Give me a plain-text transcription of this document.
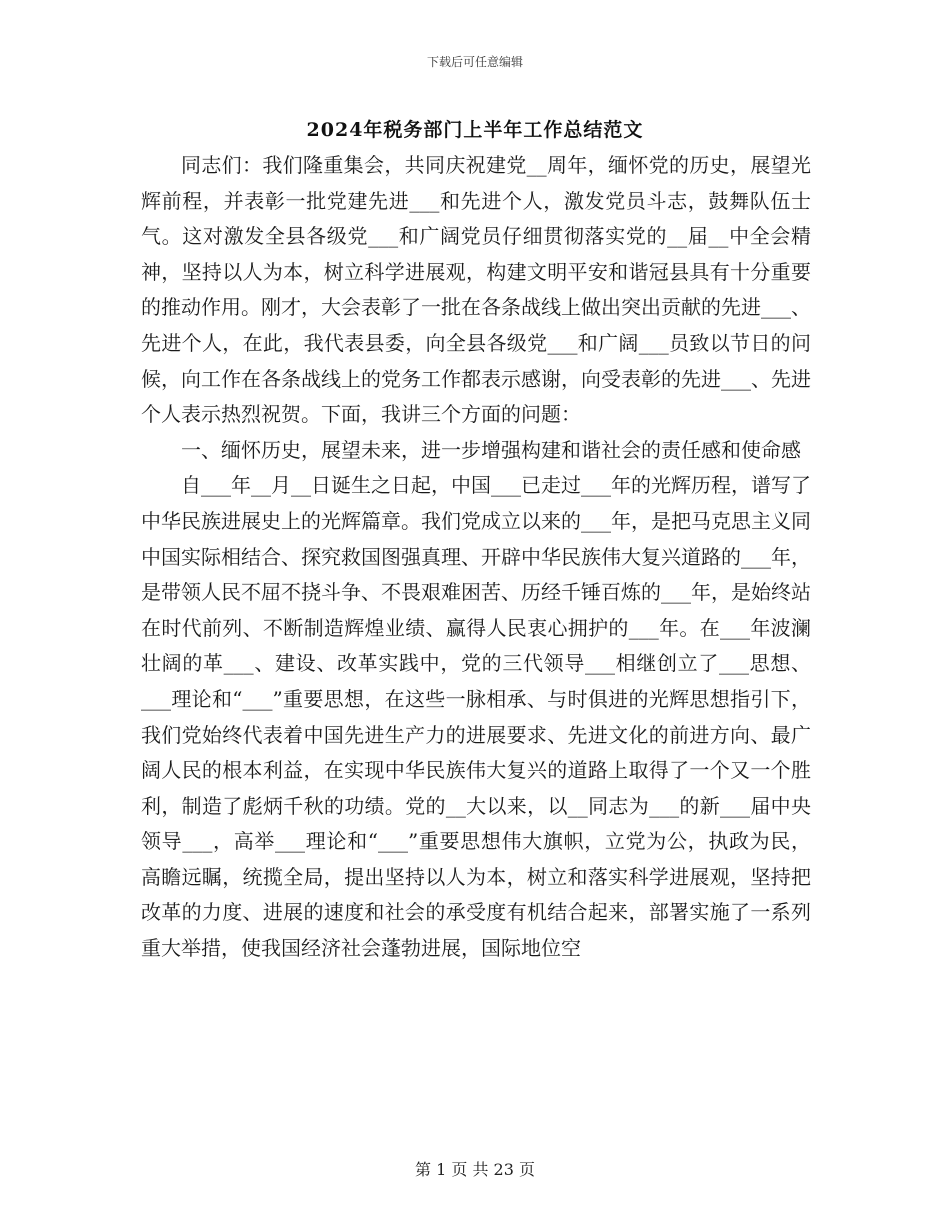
下载后可任意编辑
2024年税务部门上半年工作总结范文

同志们：我们隆重集会，共同庆祝建党__周年，缅怀党的历史，展望光辉前程，并表彰一批党建先进___和先进个人，激发党员斗志，鼓舞队伍士气。这对激发全县各级党___和广阔党员仔细贯彻落实党的__届__中全会精神，坚持以人为本，树立科学进展观，构建文明平安和谐冠县具有十分重要的推动作用。刚才，大会表彰了一批在各条战线上做出突出贡献的先进___、先进个人，在此，我代表县委，向全县各级党___和广阔___员致以节日的问候，向工作在各条战线上的党务工作都表示感谢，向受表彰的先进___、先进个人表示热烈祝贺。下面，我讲三个方面的问题：

一、缅怀历史，展望未来，进一步增强构建和谐社会的责任感和使命感

自___年__月__日诞生之日起，中国___已走过___年的光辉历程，谱写了中华民族进展史上的光辉篇章。我们党成立以来的___年，是把马克思主义同中国实际相结合、探究救国图强真理、开辟中华民族伟大复兴道路的___年，是带领人民不屈不挠斗争、不畏艰难困苦、历经千锤百炼的___年，是始终站在时代前列、不断制造辉煌业绩、赢得人民衷心拥护的___年。在___年波澜壮阔的革___、建设、改革实践中，党的三代领导___相继创立了___思想、___理论和“___”重要思想，在这些一脉相承、与时俱进的光辉思想指引下，我们党始终代表着中国先进生产力的进展要求、先进文化的前进方向、最广阔人民的根本利益，在实现中华民族伟大复兴的道路上取得了一个又一个胜利，制造了彪炳千秋的功绩。党的__大以来，以__同志为___的新___届中央领导___，高举___理论和“___”重要思想伟大旗帜，立党为公，执政为民，高瞻远瞩，统揽全局，提出坚持以人为本，树立和落实科学进展观，坚持把改革的力度、进展的速度和社会的承受度有机结合起来，部署实施了一系列重大举措，使我国经济社会蓬勃进展，国际地位空

第 1 页 共 23 页
